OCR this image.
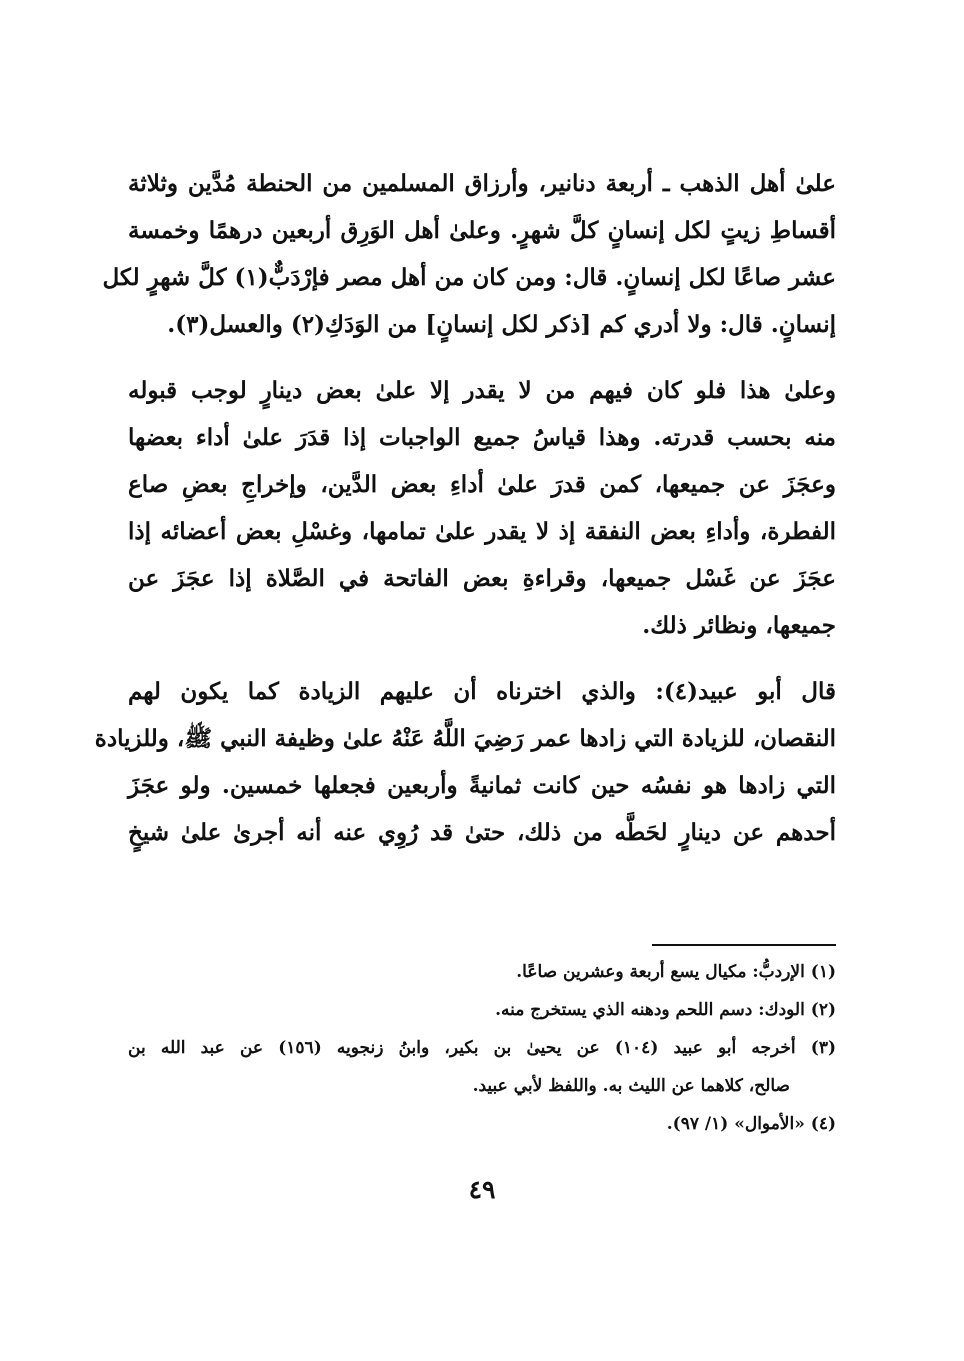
علىٰ أهل الذهب ـ أربعة دنانير، وأرزاق المسلمين من الحنطة مُدَّين وثلاثة
أقساطِ زيتٍ لكل إنسانٍ كلَّ شهرٍ. وعلىٰ أهل الوَرِق أربعين درهمًا وخمسة
عشر صاعًا لكل إنسانٍ. قال: ومن كان من أهل مصر فإرْدَبٌّ(١) كلَّ شهرٍ لكل
إنسانٍ. قال: ولا أدري كم [ذكر لكل إنسانٍ] من الوَدَكِ(٢) والعسل(٣).
وعلىٰ هذا فلو كان فيهم من لا يقدر إلا علىٰ بعض دينارٍ لوجب قبوله
منه بحسب قدرته. وهذا قياسُ جميع الواجبات إذا قدَرَ علىٰ أداء بعضها
وعجَزَ عن جميعها، كمن قدرَ علىٰ أداءِ بعض الدَّين، وإخراجِ بعضِ صاع
الفطرة، وأداءِ بعض النفقة إذ لا يقدر علىٰ تمامها، وغسْلِ بعض أعضائه إذا
عجَزَ عن غَسْل جميعها، وقراءةِ بعض الفاتحة في الصَّلاة إذا عجَزَ عن
جميعها، ونظائر ذلك.
قال أبو عبيد(٤): والذي اخترناه أن عليهم الزيادة كما يكون لهم
النقصان، للزيادة التي زادها عمر رَضِيَ اللَّهُ عَنْهُ علىٰ وظيفة النبي ﷺ، وللزيادة
التي زادها هو نفسُه حين كانت ثمانيةً وأربعين فجعلها خمسين. ولو عجَزَ
أحدهم عن دينارٍ لحَطَّه من ذلك، حتىٰ قد رُوِي عنه أنه أجرىٰ علىٰ شيخٍ
(١) الإردبُّ: مكيال يسع أربعة وعشرين صاعًا.
(٢) الودك: دسم اللحم ودهنه الذي يستخرج منه.
(٣) أخرجه أبو عبيد (١٠٤) عن يحيىٰ بن بكير، وابنُ زنجويه (١٥٦) عن عبد الله بن
صالح، كلاهما عن الليث به. واللفظ لأبي عبيد.
(٤) «الأموال» (١/ ٩٧).
٤٩
